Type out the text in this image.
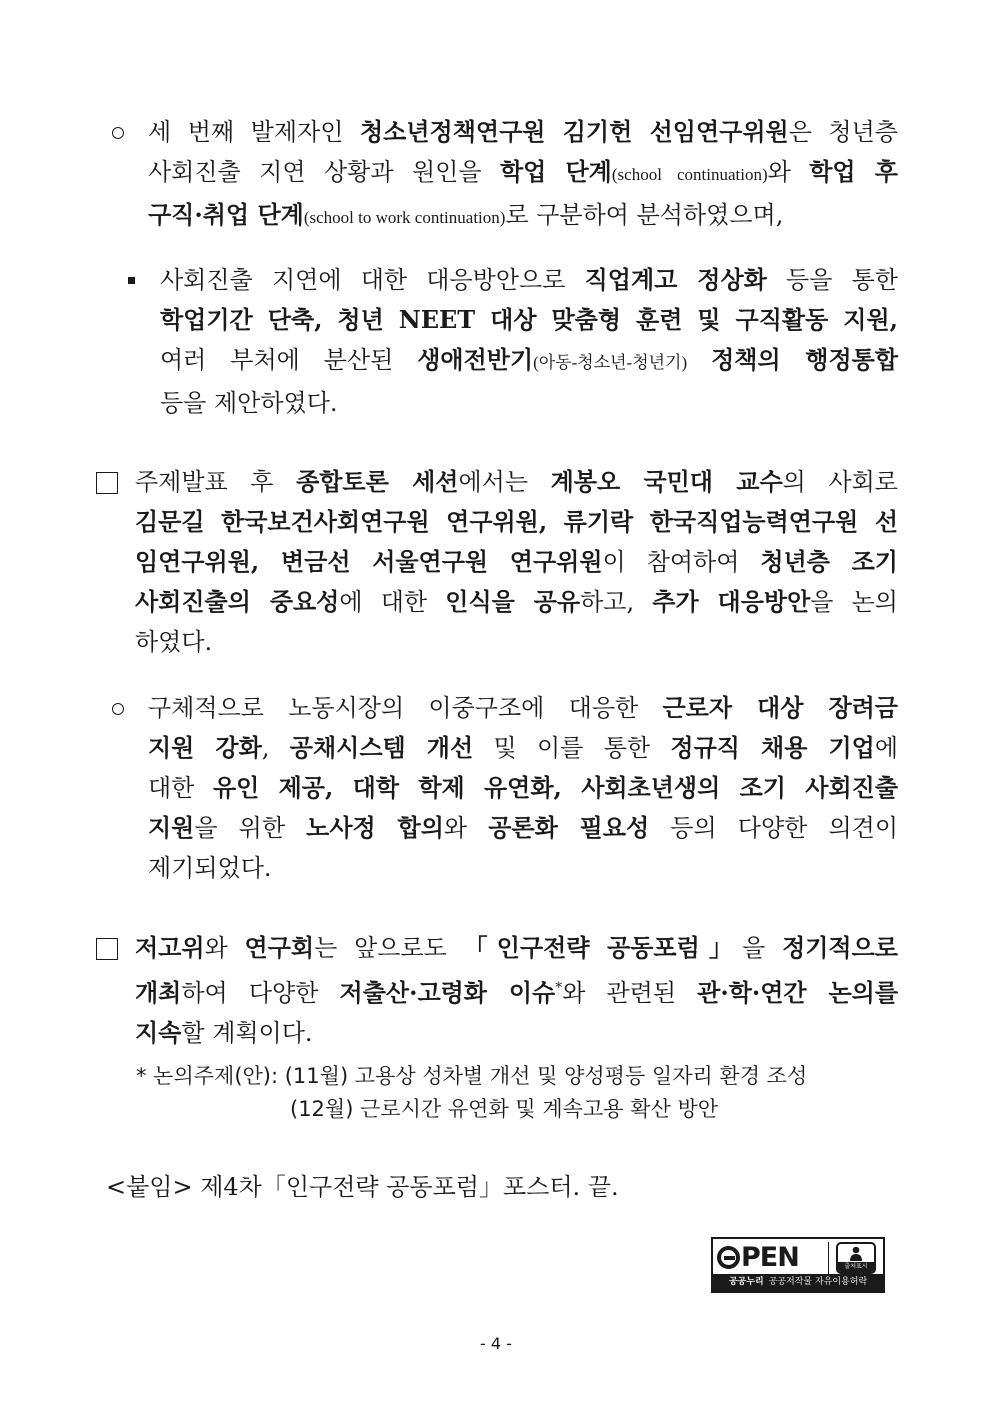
세 번째 발제자인 청소년정책연구원 김기헌 선임연구위원은 청년층
사회진출 지연 상황과 원인을 학업 단계(school continuation)와 학업 후
구직·취업 단계(school to work continuation)로 구분하여 분석하였으며,
사회진출 지연에 대한 대응방안으로 직업계고 정상화 등을 통한
학업기간 단축, 청년 NEET 대상 맞춤형 훈련 및 구직활동 지원,
여러 부처에 분산된 생애전반기(아동-청소년-청년기) 정책의 행정통합
등을 제안하였다.
주제발표 후 종합토론 세션에서는 계봉오 국민대 교수의 사회로
김문길 한국보건사회연구원 연구위원, 류기락 한국직업능력연구원 선
임연구위원, 변금선 서울연구원 연구위원이 참여하여 청년층 조기
사회진출의 중요성에 대한 인식을 공유하고, 추가 대응방안을 논의
하였다.
구체적으로 노동시장의 이중구조에 대응한 근로자 대상 장려금
지원 강화, 공채시스템 개선 및 이를 통한 정규직 채용 기업에
대한 유인 제공, 대학 학제 유연화, 사회초년생의 조기 사회진출
지원을 위한 노사정 합의와 공론화 필요성 등의 다양한 의견이
제기되었다.
저고위와 연구회는 앞으로도 「인구전략 공동포럼」을 정기적으로
개최하여 다양한 저출산·고령화 이슈*와 관련된 관·학·연간 논의를
지속할 계획이다.
* 논의주제(안): (11월) 고용상 성차별 개선 및 양성평등 일자리 환경 조성
(12월) 근로시간 유연화 및 계속고용 확산 방안
<붙임> 제4차「인구전략 공동포럼」포스터. 끝.
PEN	출처표시
공공누리 공공저작물 자유이용허락
- 4 -
